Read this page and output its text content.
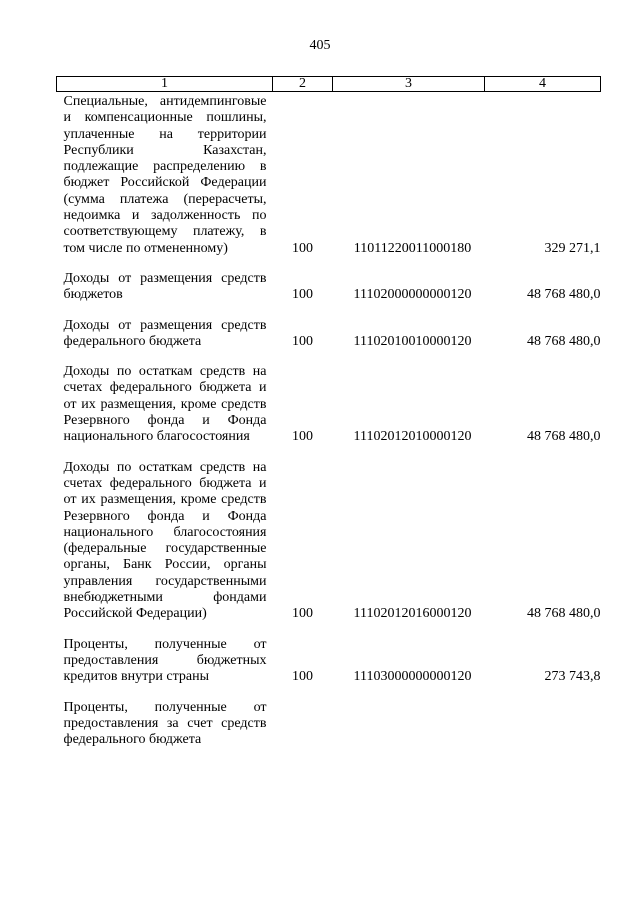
405
1	2	3	4
Специальные, антидемпинговые и компенсационные пошлины, уплаченные на территории Республики Казахстан, подлежащие распределению в бюджет Российской Федерации (сумма платежа (перерасчеты, недоимка и задолженность по соответствующему платежу, в том числе по отмененному)	100	11011220011000180	329 271,1
Доходы от размещения средств бюджетов	100	11102000000000120	48 768 480,0
Доходы от размещения средств федерального бюджета	100	11102010010000120	48 768 480,0
Доходы по остаткам средств на счетах федерального бюджета и от их размещения, кроме средств Резервного фонда и Фонда национального благосостояния	100	11102012010000120	48 768 480,0
Доходы по остаткам средств на счетах федерального бюджета и от их размещения, кроме средств Резервного фонда и Фонда национального благосостояния (федеральные государственные органы, Банк России, органы управления государственными внебюджетными фондами Российской Федерации)	100	11102012016000120	48 768 480,0
Проценты, полученные от предоставления бюджетных кредитов внутри страны	100	11103000000000120	273 743,8
Проценты, полученные от предоставления за счет средств федерального бюджета			
